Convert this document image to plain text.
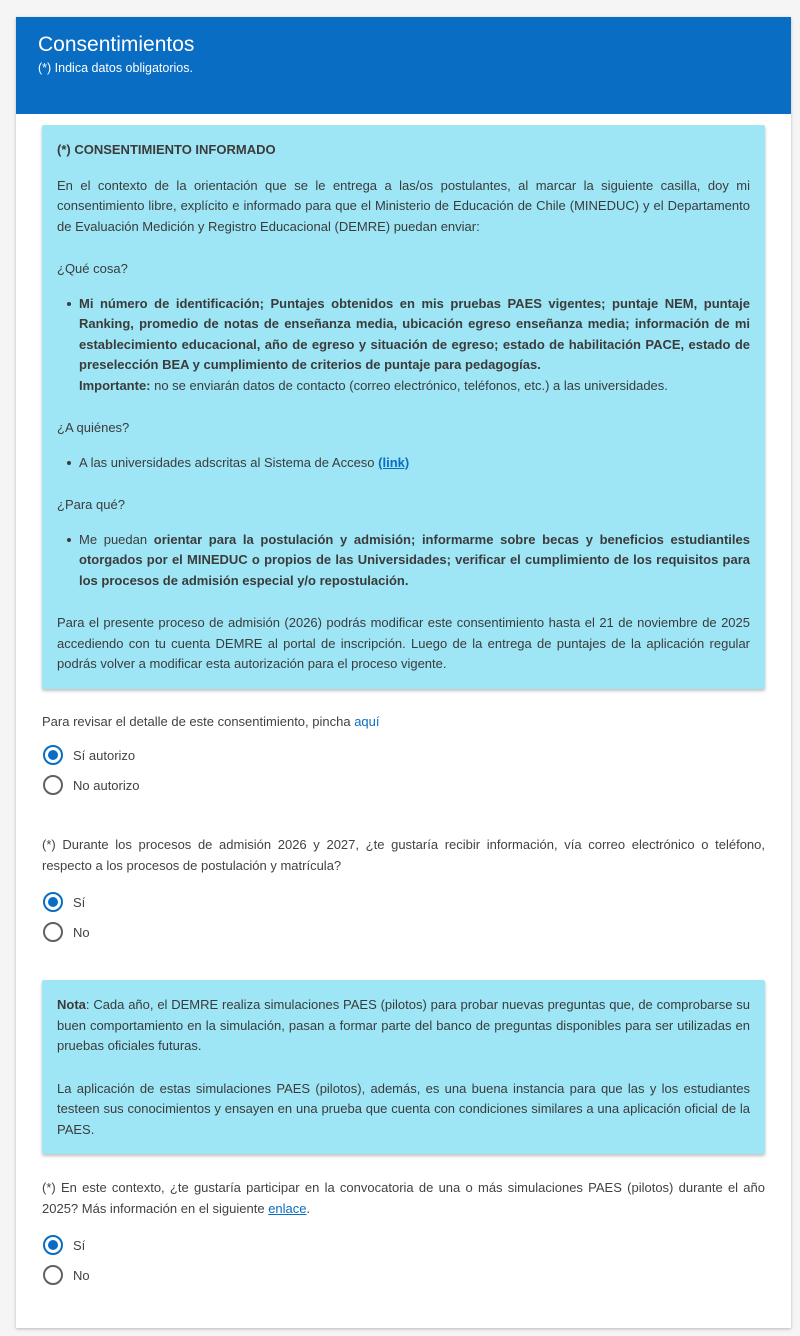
Consentimientos
(*) Indica datos obligatorios.

(*) CONSENTIMIENTO INFORMADO

En el contexto de la orientación que se le entrega a las/os postulantes, al marcar la siguiente casilla, doy mi consentimiento libre, explícito e informado para que el Ministerio de Educación de Chile (MINEDUC) y el Departamento de Evaluación Medición y Registro Educacional (DEMRE) puedan enviar:

¿Qué cosa?

Mi número de identificación; Puntajes obtenidos en mis pruebas PAES vigentes; puntaje NEM, puntaje Ranking, promedio de notas de enseñanza media, ubicación egreso enseñanza media; información de mi establecimiento educacional, año de egreso y situación de egreso; estado de habilitación PACE, estado de preselección BEA y cumplimiento de criterios de puntaje para pedagogías.
Importante: no se enviarán datos de contacto (correo electrónico, teléfonos, etc.) a las universidades.

¿A quiénes?

A las universidades adscritas al Sistema de Acceso (link)

¿Para qué?

Me puedan orientar para la postulación y admisión; informarme sobre becas y beneficios estudiantiles otorgados por el MINEDUC o propios de las Universidades; verificar el cumplimiento de los requisitos para los procesos de admisión especial y/o repostulación.

Para el presente proceso de admisión (2026) podrás modificar este consentimiento hasta el 21 de noviembre de 2025 accediendo con tu cuenta DEMRE al portal de inscripción. Luego de la entrega de puntajes de la aplicación regular podrás volver a modificar esta autorización para el proceso vigente.

Para revisar el detalle de este consentimiento, pincha aquí
Sí autorizo
No autorizo
(*) Durante los procesos de admisión 2026 y 2027, ¿te gustaría recibir información, vía correo electrónico o teléfono, respecto a los procesos de postulación y matrícula?
Sí
No

Nota: Cada año, el DEMRE realiza simulaciones PAES (pilotos) para probar nuevas preguntas que, de comprobarse su buen comportamiento en la simulación, pasan a formar parte del banco de preguntas disponibles para ser utilizadas en pruebas oficiales futuras.

La aplicación de estas simulaciones PAES (pilotos), además, es una buena instancia para que las y los estudiantes testeen sus conocimientos y ensayen en una prueba que cuenta con condiciones similares a una aplicación oficial de la PAES.

(*) En este contexto, ¿te gustaría participar en la convocatoria de una o más simulaciones PAES (pilotos) durante el año 2025? Más información en el siguiente enlace.
Sí
No
